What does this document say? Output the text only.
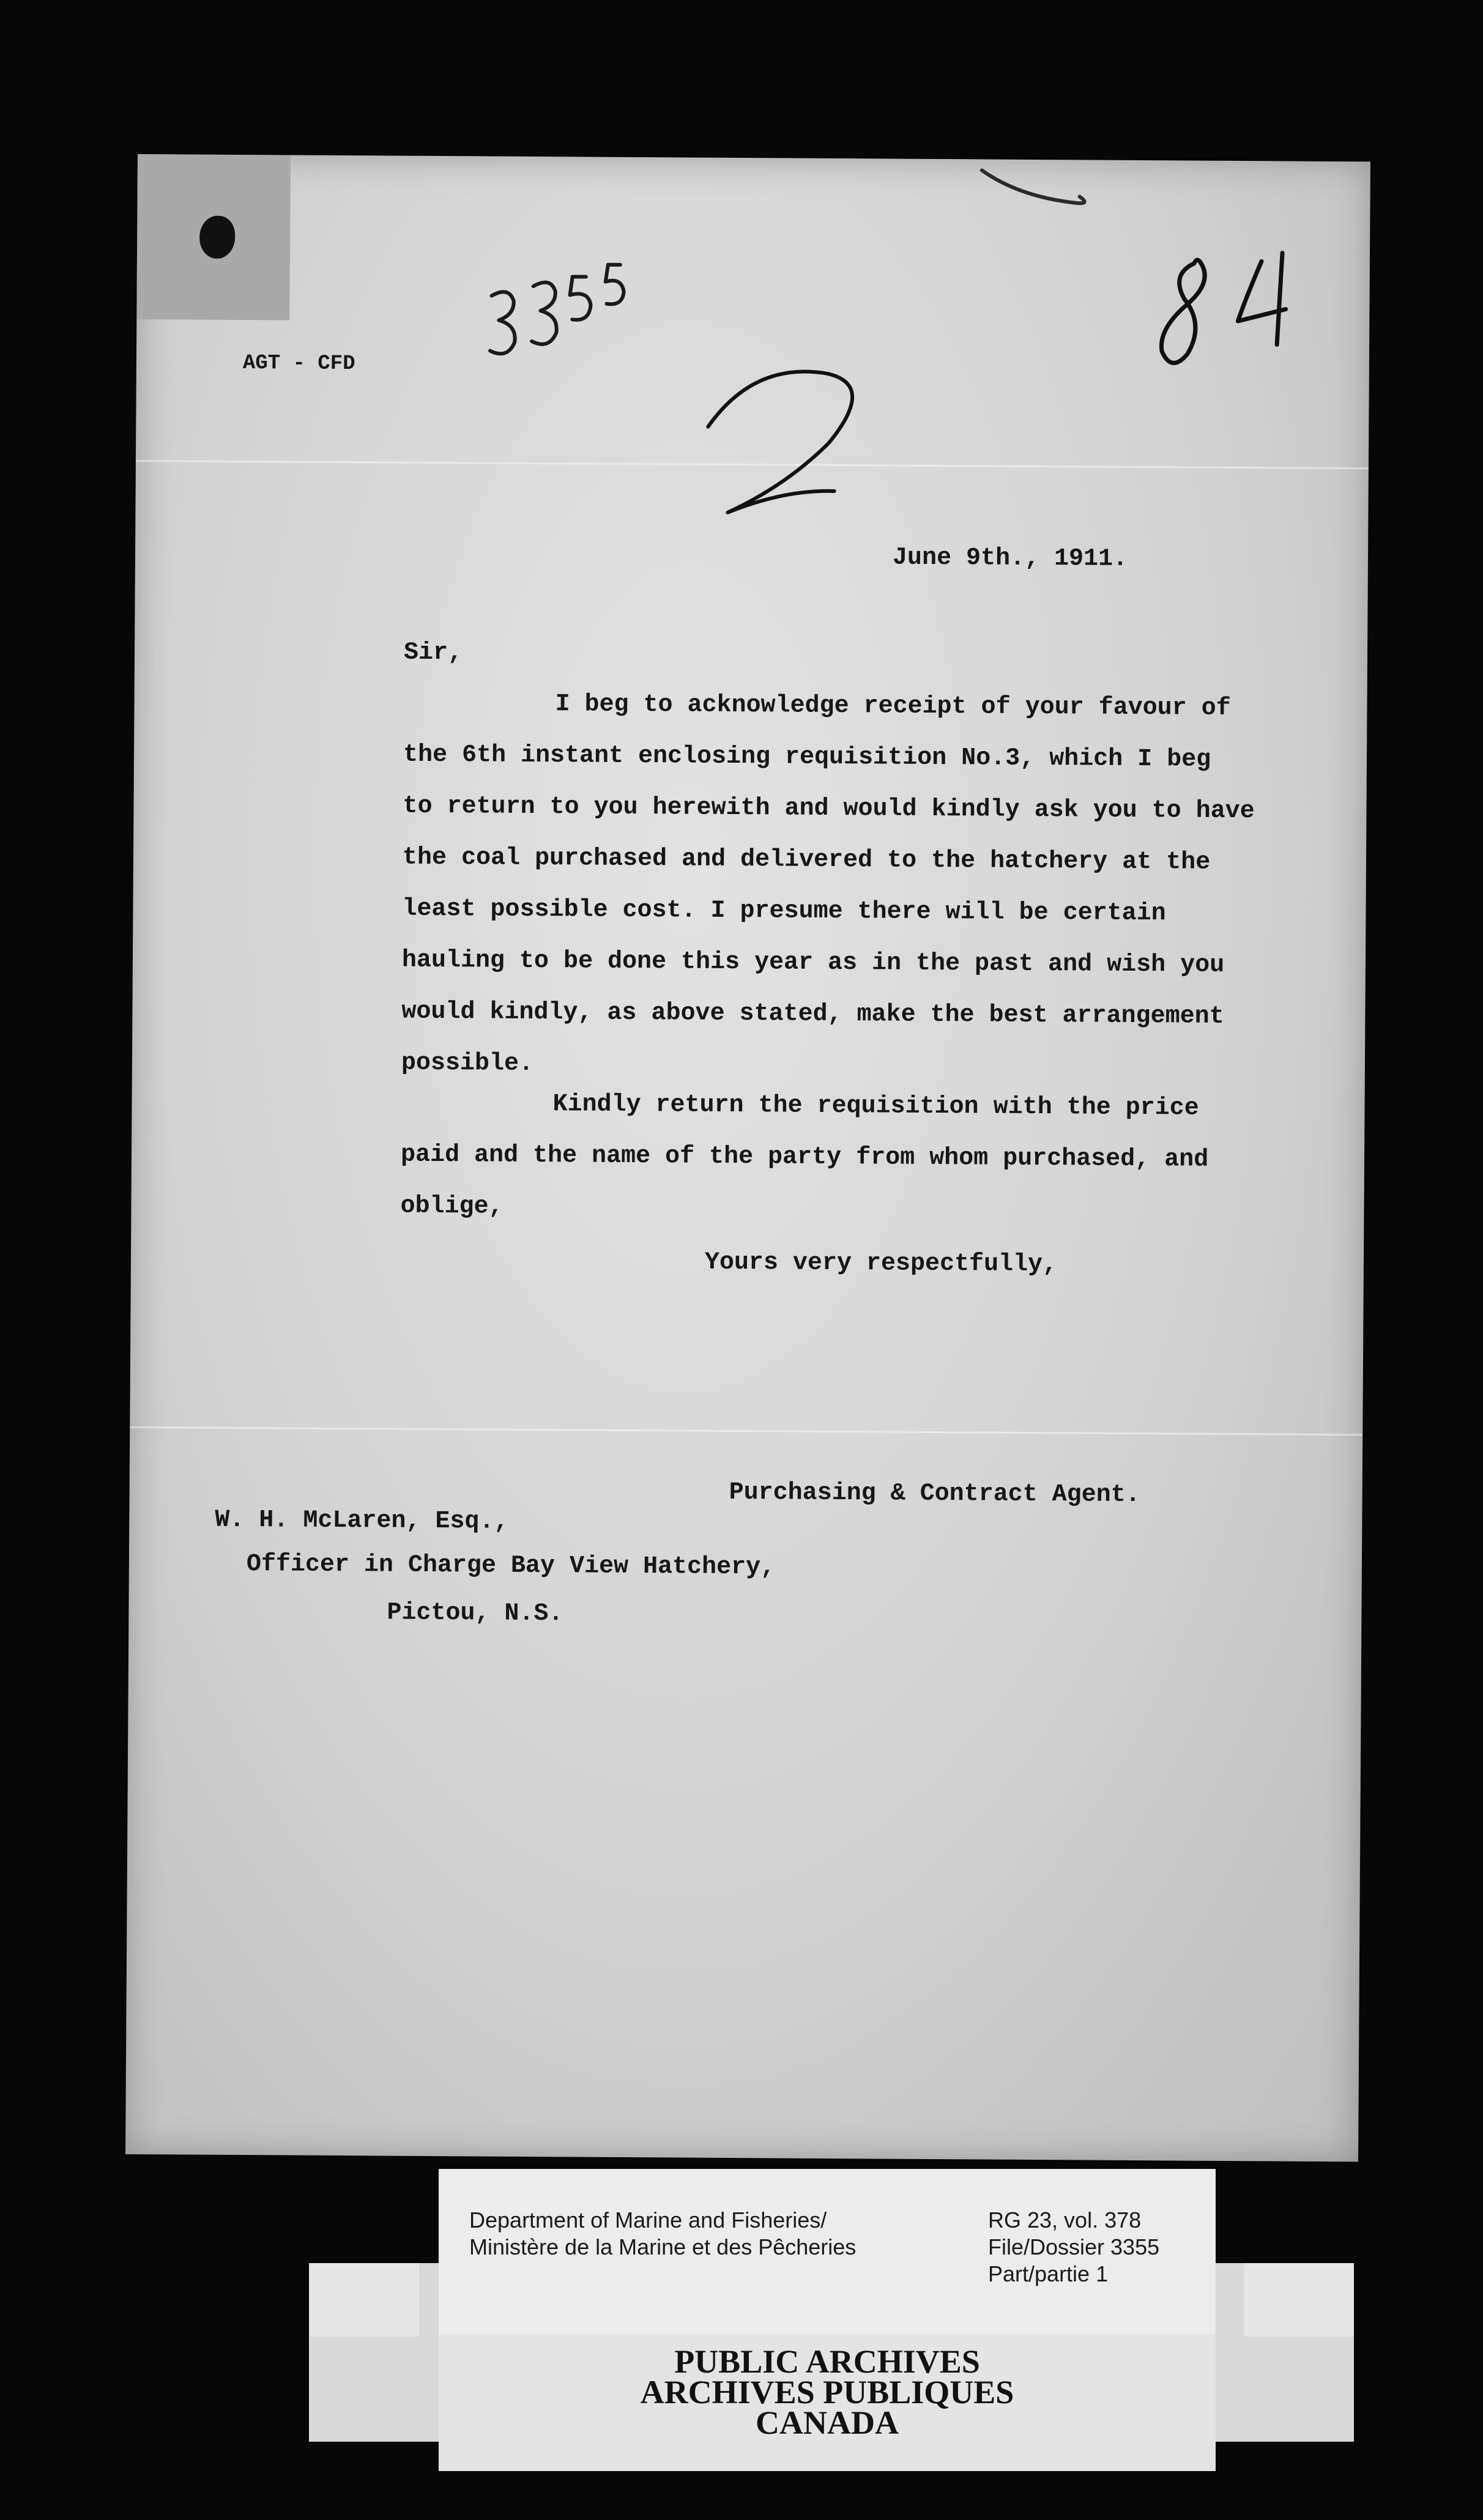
AGT - CFD

June 9th., 1911.

Sir,

I beg to acknowledge receipt of your favour of
the 6th instant enclosing requisition No.3, which I beg
to return to you herewith and would kindly ask you to have
the coal purchased and delivered to the hatchery at the
least possible cost. I presume there will be certain
hauling to be done this year as in the past and wish you
would kindly, as above stated, make the best arrangement
possible.
Kindly return the requisition with the price
paid and the name of the party from whom purchased, and
oblige,

Yours very respectfully,

Purchasing & Contract Agent.

W. H. McLaren, Esq.,

Officer in Charge Bay View Hatchery,

Pictou, N.S.

Department of Marine and Fisheries/
Ministère de la Marine et des Pêcheries

RG 23, vol. 378
File/Dossier 3355
Part/partie 1

PUBLIC ARCHIVES
ARCHIVES PUBLIQUES
CANADA
